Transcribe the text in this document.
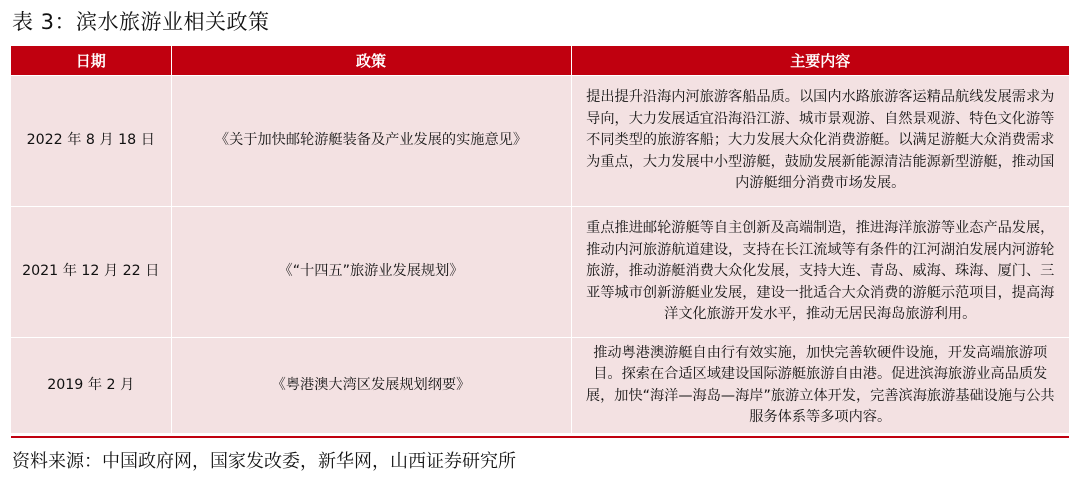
表 3：滨水旅游业相关政策
日期	政策	主要内容
2022 年 8 月 18 日	《关于加快邮轮游艇装备及产业发展的实施意见》	提出提升沿海内河旅游客船品质。以国内水路旅游客运精品航线发展需求为导向，大力发展适宜沿海沿江游、城市景观游、自然景观游、特色文化游等不同类型的旅游客船；大力发展大众化消费游艇。以满足游艇大众消费需求为重点，大力发展中小型游艇，鼓励发展新能源清洁能源新型游艇，推动国内游艇细分消费市场发展。
2021 年 12 月 22 日	《“十四五”旅游业发展规划》	重点推进邮轮游艇等自主创新及高端制造，推进海洋旅游等业态产品发展，推动内河旅游航道建设，支持在长江流域等有条件的江河湖泊发展内河游轮旅游，推动游艇消费大众化发展，支持大连、青岛、威海、珠海、厦门、三亚等城市创新游艇业发展，建设一批适合大众消费的游艇示范项目，提高海洋文化旅游开发水平，推动无居民海岛旅游利用。
2019 年 2 月	《粤港澳大湾区发展规划纲要》	推动粤港澳游艇自由行有效实施，加快完善软硬件设施，开发高端旅游项目。探索在合适区域建设国际游艇旅游自由港。促进滨海旅游业高品质发展，加快“海洋—海岛—海岸”旅游立体开发，完善滨海旅游基础设施与公共服务体系等多项内容。
资料来源：中国政府网，国家发改委，新华网，山西证券研究所
